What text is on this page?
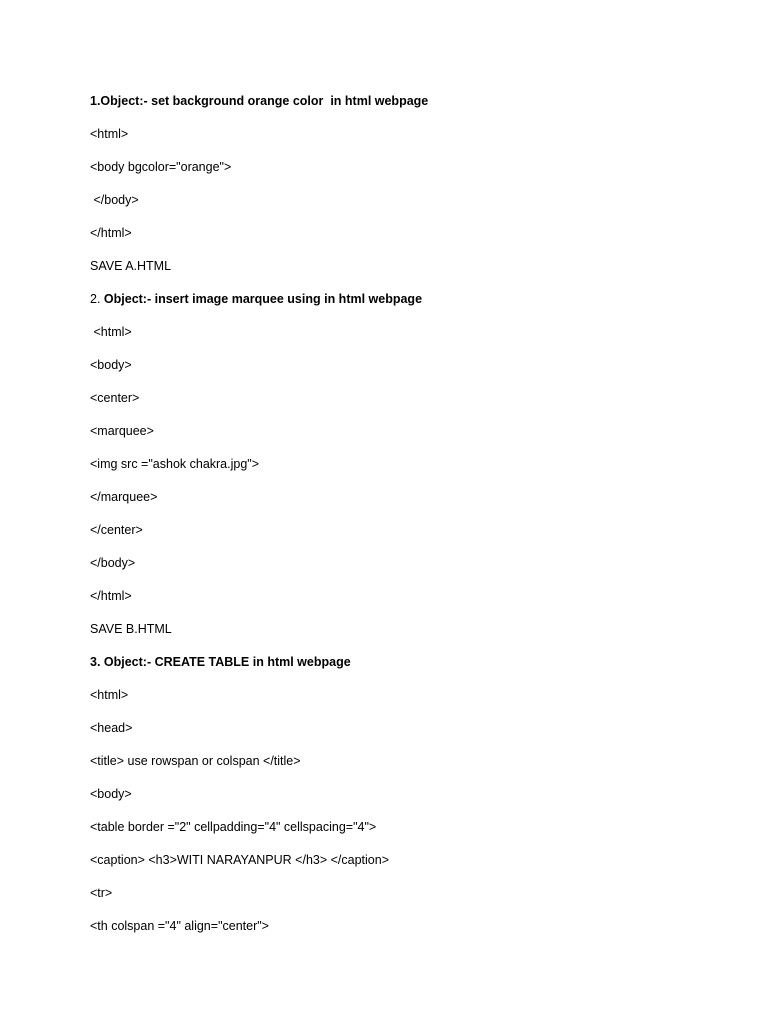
1.Object:- set background orange color  in html webpage
<html>
<body bgcolor="orange">
</body>
</html>
SAVE A.HTML
2. Object:- insert image marquee using in html webpage
<html>
<body>
<center>
<marquee>
<img src ="ashok chakra.jpg">
</marquee>
</center>
</body>
</html>
SAVE B.HTML
3. Object:- CREATE TABLE in html webpage
<html>
<head>
<title> use rowspan or colspan </title>
<body>
<table border ="2" cellpadding="4" cellspacing="4">
<caption> <h3>WITI NARAYANPUR </h3> </caption>
<tr>
<th colspan ="4" align="center">
